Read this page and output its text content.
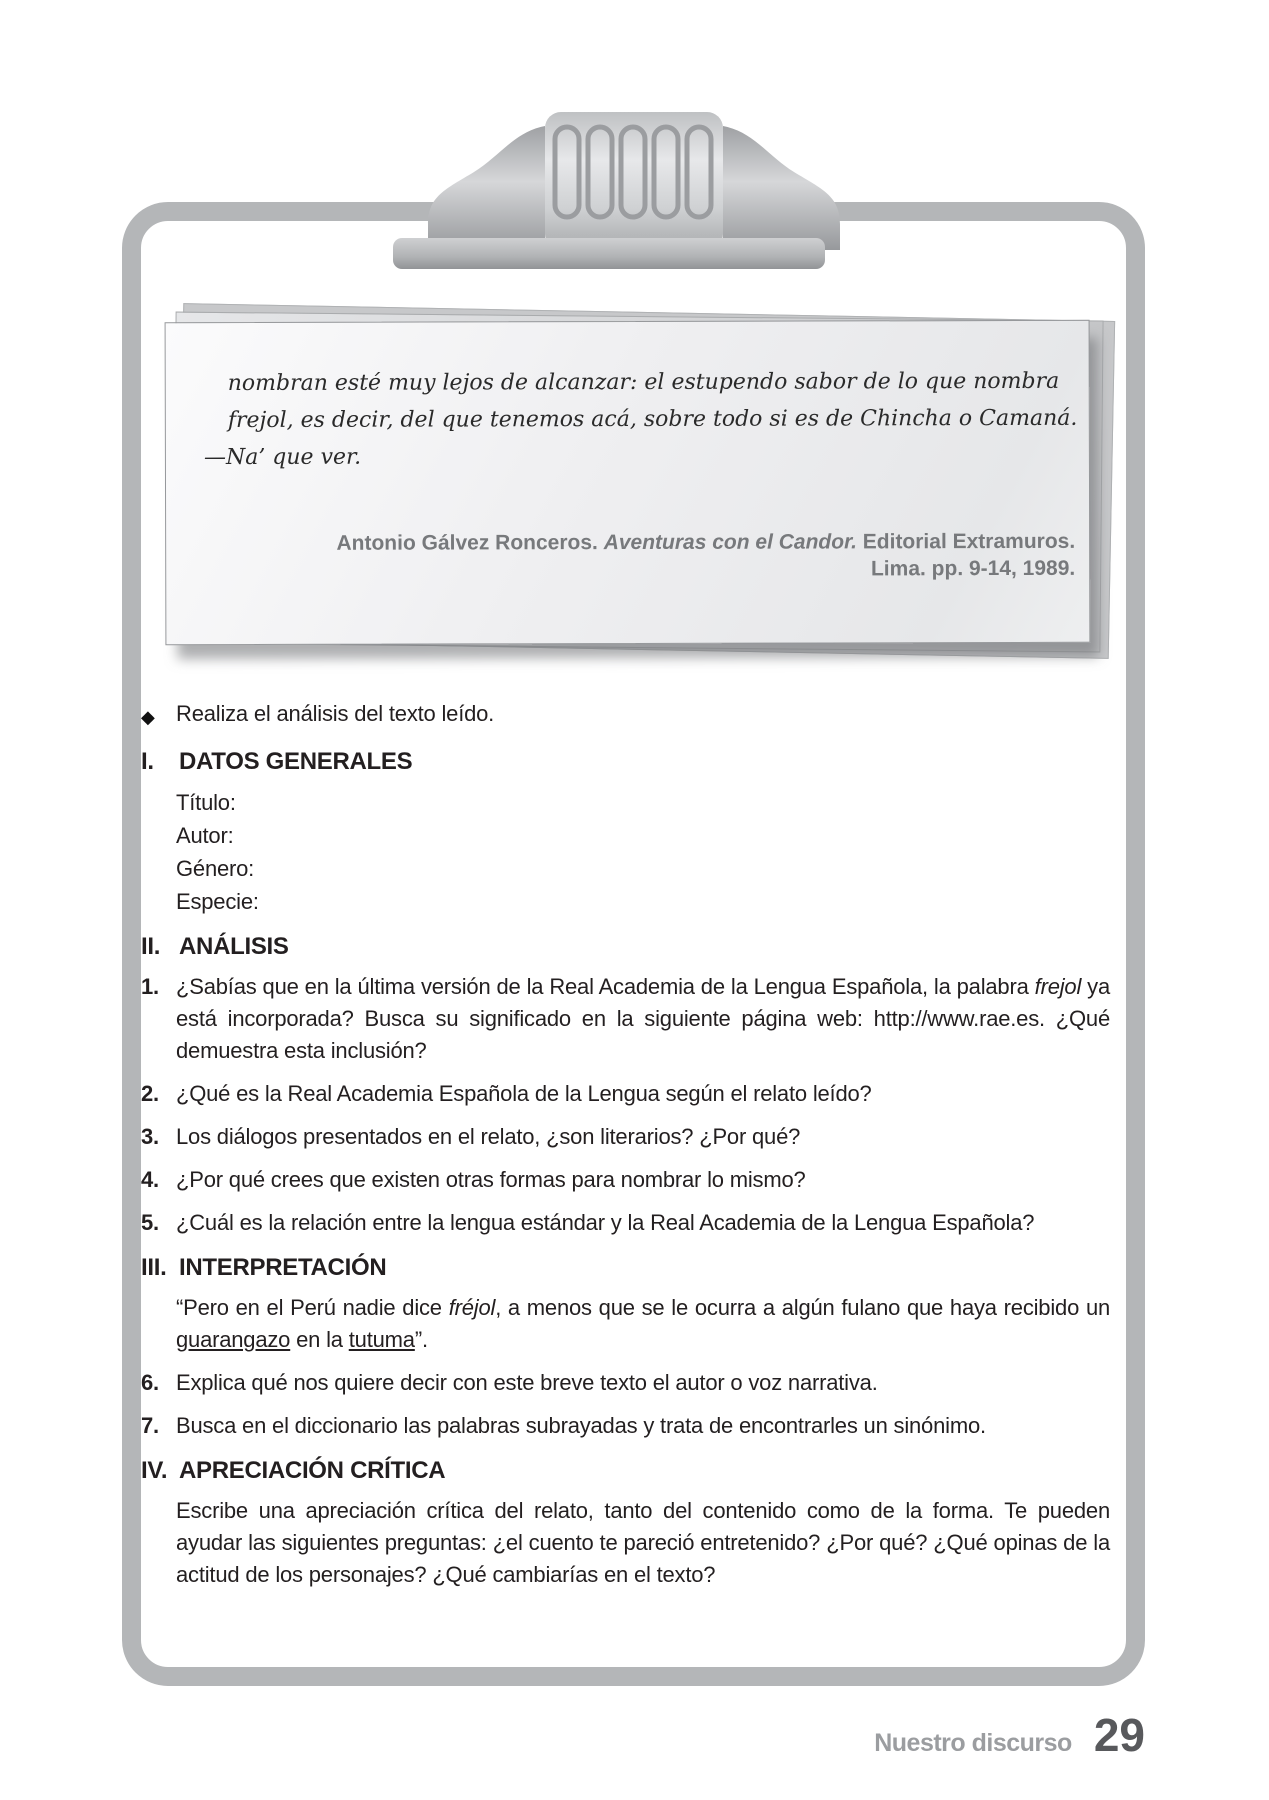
nombran esté muy lejos de alcanzar: el estupendo sabor de lo que nombra frejol, es decir, del que tenemos acá, sobre todo si es de Chincha o Camaná.
—Na’ que ver.
Antonio Gálvez Ronceros. Aventuras con el Candor. Editorial Extramuros.
Lima. pp. 9-14, 1989.
◆ Realiza el análisis del texto leído.
I.	DATOS GENERALES
Título:
Autor:
Género:
Especie:
II. ANÁLISIS
1. ¿Sabías que en la última versión de la Real Academia de la Lengua Española, la palabra frejol ya está incorporada? Busca su significado en la siguiente página web: http://www.rae.es. ¿Qué demuestra esta inclusión?
2. ¿Qué es la Real Academia Española de la Lengua según el relato leído?
3. Los diálogos presentados en el relato, ¿son literarios? ¿Por qué?
4. ¿Por qué crees que existen otras formas para nombrar lo mismo?
5. ¿Cuál es la relación entre la lengua estándar y la Real Academia de la Lengua Española?
III. INTERPRETACIÓN
“Pero en el Perú nadie dice fréjol, a menos que se le ocurra a algún fulano que haya recibido un guarangazo en la tutuma”.
6. Explica qué nos quiere decir con este breve texto el autor o voz narrativa.
7. Busca en el diccionario las palabras subrayadas y trata de encontrarles un sinónimo.
IV. APRECIACIÓN CRÍTICA
Escribe una apreciación crítica del relato, tanto del contenido como de la forma. Te pueden ayudar las siguientes preguntas: ¿el cuento te pareció entretenido? ¿Por qué? ¿Qué opinas de la actitud de los personajes? ¿Qué cambiarías en el texto?
Nuestro discurso 29
